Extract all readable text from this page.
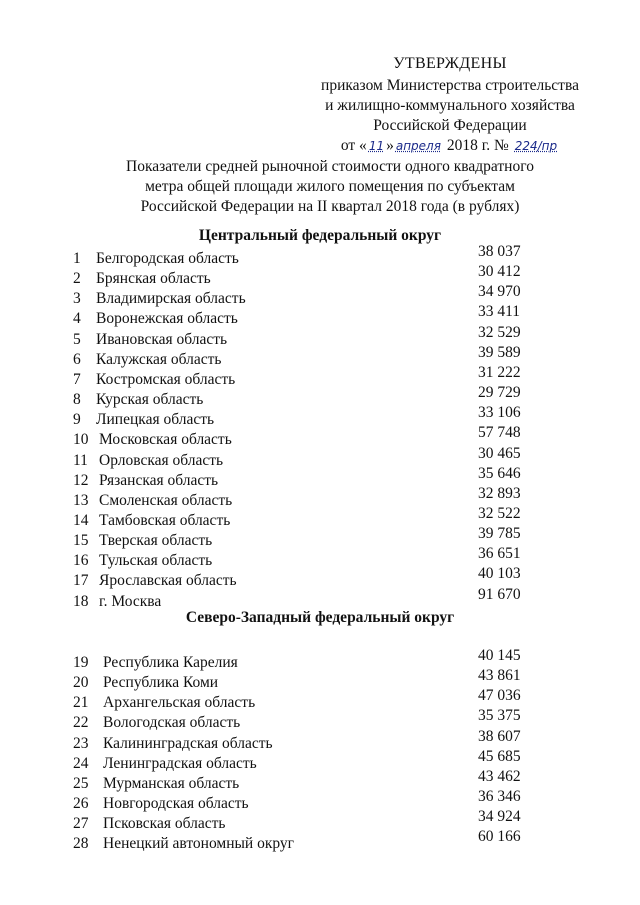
УТВЕРЖДЕНЫ
приказом Министерства строительства
и жилищно-коммунального хозяйства
Российской Федерации
от « 11 » апреля 2018 г. № 224/пр
Показатели средней рыночной стоимости одного квадратного
метра общей площади жилого помещения по субъектам
Российской Федерации на II квартал 2018 года (в рублях)
Центральный федеральный округ
1 Белгородская область	38 037
2 Брянская область	30 412
3 Владимирская область	34 970
4 Воронежская область	33 411
5 Ивановская область	32 529
6 Калужская область	39 589
7 Костромская область	31 222
8 Курская область	29 729
9 Липецкая область	33 106
10 Московская область	57 748
11 Орловская область	30 465
12 Рязанская область	35 646
13 Смоленская область	32 893
14 Тамбовская область	32 522
15 Тверская область	39 785
16 Тульская область	36 651
17 Ярославская область	40 103
18 г. Москва	91 670
Северо-Западный федеральный округ
19 Республика Карелия	40 145
20 Республика Коми	43 861
21 Архангельская область	47 036
22 Вологодская область	35 375
23 Калининградская область	38 607
24 Ленинградская область	45 685
25 Мурманская область	43 462
26 Новгородская область	36 346
27 Псковская область	34 924
28 Ненецкий автономный округ	60 166
